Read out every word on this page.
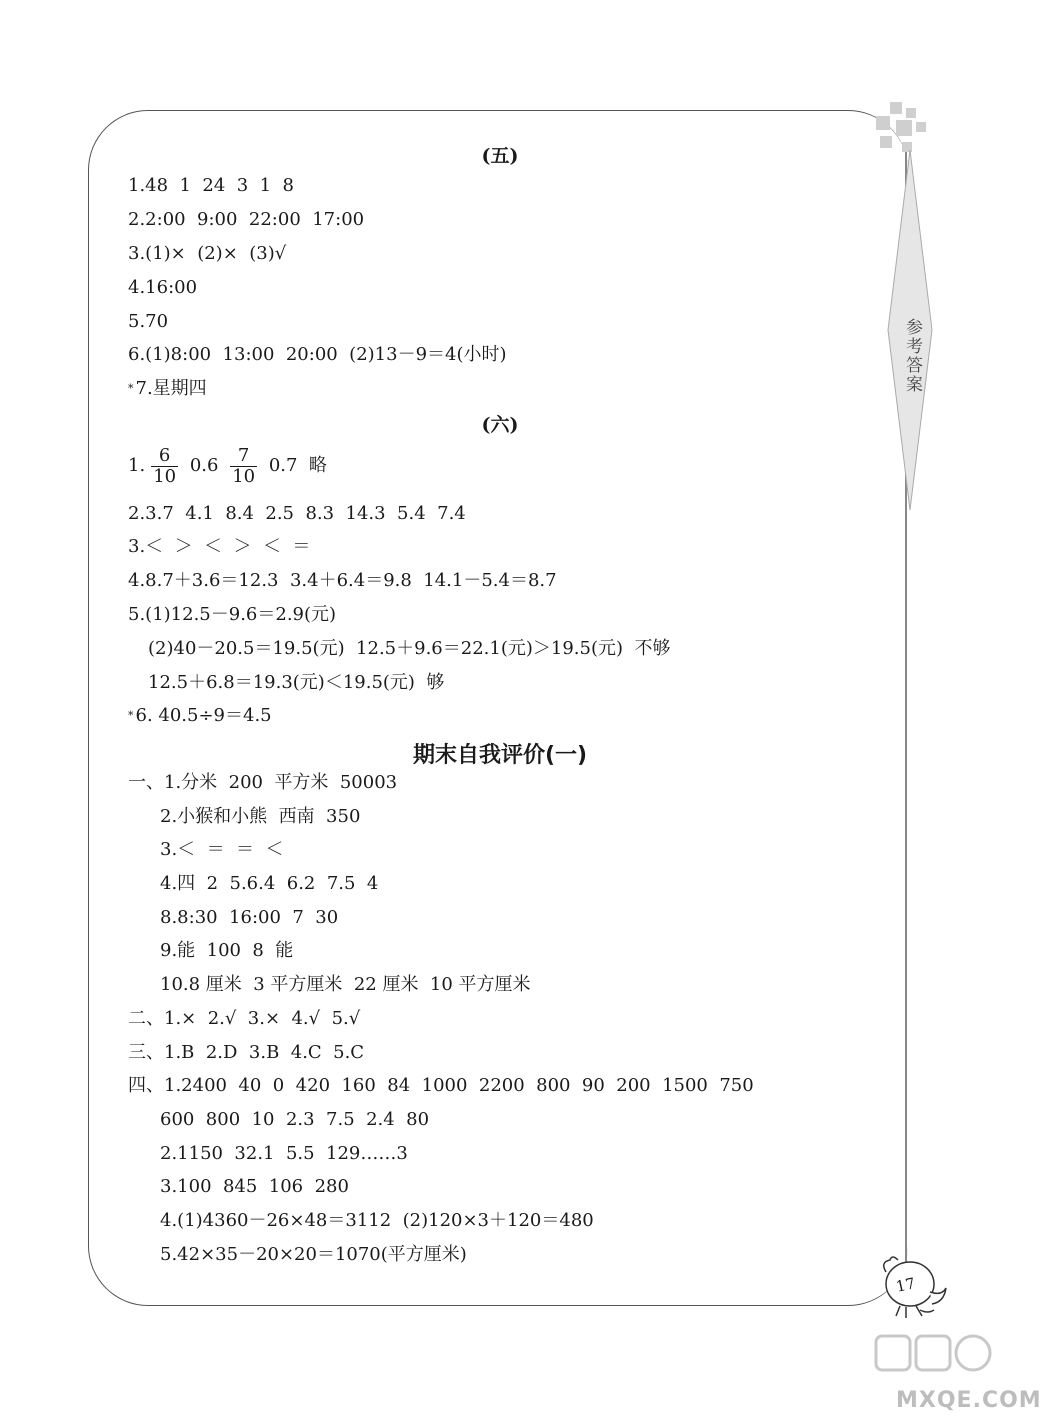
参考答案
(五)
1.48  1  24  3  1  8
2.2:00  9:00  22:00  17:00
3.(1)×  (2)×  (3)√
4.16:00
5.70
6.(1)8:00  13:00  20:00  (2)13－9＝4(小时)
* 7.星期四
(六)
1. $\frac{6}{10} 0.6 \frac{7}{10} 0.7$  略
2.3.7  4.1  8.4  2.5  8.3  14.3  5.4  7.4
3.＜  ＞  ＜  ＞  ＜  ＝
4.8.7＋3.6＝12.3  3.4＋6.4＝9.8  14.1－5.4＝8.7
5.(1)12.5－9.6＝2.9(元)
(2)40－20.5＝19.5(元)  12.5＋9.6＝22.1(元)＞19.5(元)  不够
12.5＋6.8＝19.3(元)＜19.5(元)  够
* 6. 40.5÷9＝4.5
期末自我评价(一)
一、1.分米  200  平方米  50003
2.小猴和小熊  西南  350
3.＜  ＝  ＝  ＜
4.四  2  5.6.4  6.2  7.5  4
8.8:30  16:00  7  30
9.能  100  8  能
10.8 厘米  3 平方厘米  22 厘米  10 平方厘米
二、1.×  2.√  3.×  4.√  5.√
三、1.B  2.D  3.B  4.C  5.C
四、1.2400  40  0  420  160  84  1000  2200  800  90  200  1500  750
600  800  10  2.3  7.5  2.4  80
2.1150  32.1  5.5  129……3
3.100  845  106  280
4.(1)4360－26×48＝3112  (2)120×3＋120＝480
5.42×35－20×20＝1070(平方厘米)
17
MXQE.COM
